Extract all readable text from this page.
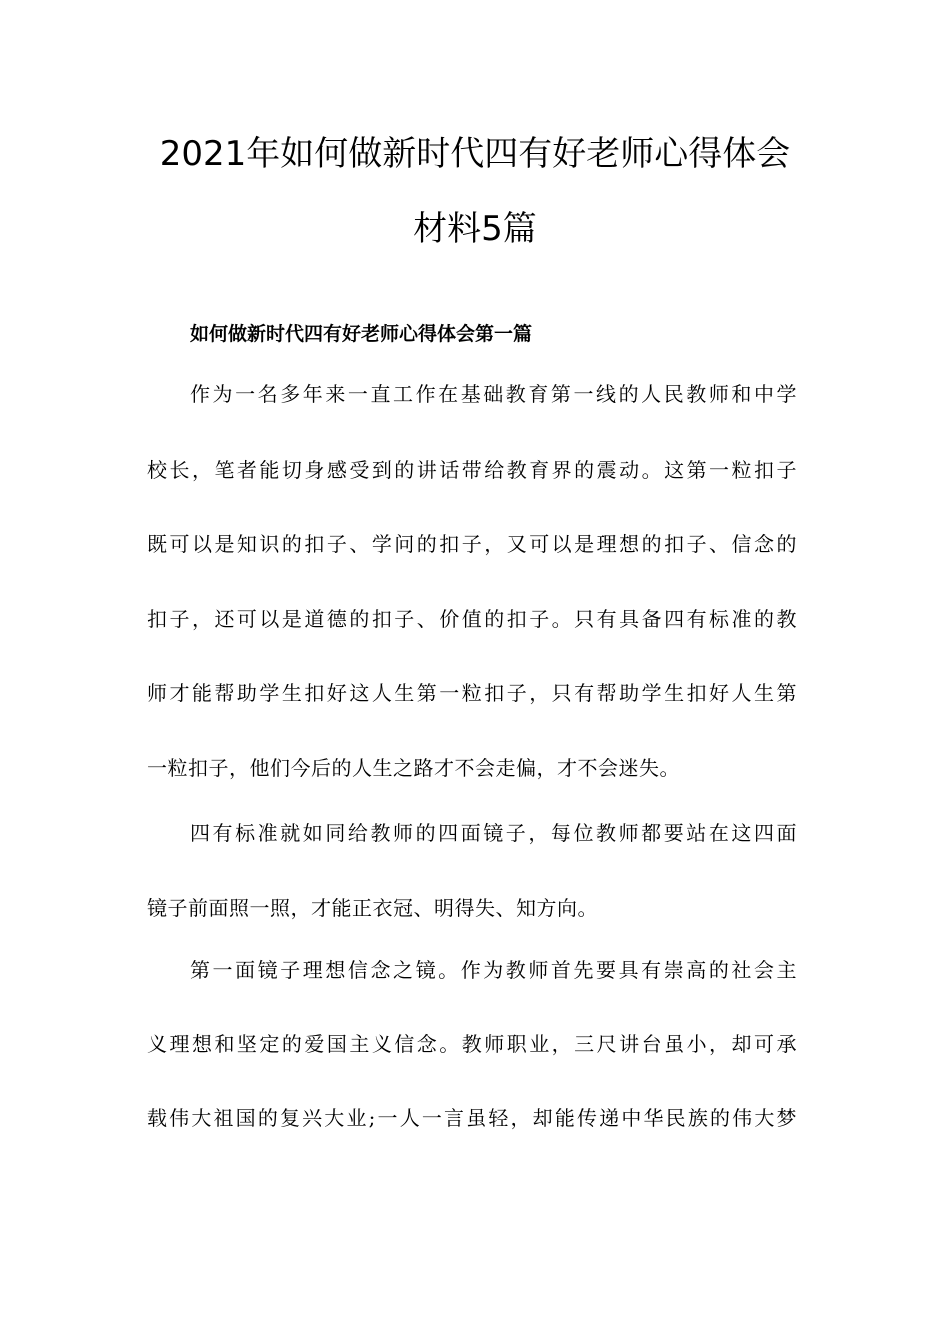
2021年如何做新时代四有好老师心得体会
材料5篇
如何做新时代四有好老师心得体会第一篇
作为一名多年来一直工作在基础教育第一线的人民教师和中学
校长，笔者能切身感受到的讲话带给教育界的震动。这第一粒扣子
既可以是知识的扣子、学问的扣子，又可以是理想的扣子、信念的
扣子，还可以是道德的扣子、价值的扣子。只有具备四有标准的教
师才能帮助学生扣好这人生第一粒扣子，只有帮助学生扣好人生第
一粒扣子，他们今后的人生之路才不会走偏，才不会迷失。
四有标准就如同给教师的四面镜子，每位教师都要站在这四面
镜子前面照一照，才能正衣冠、明得失、知方向。
第一面镜子理想信念之镜。作为教师首先要具有崇高的社会主
义理想和坚定的爱国主义信念。教师职业，三尺讲台虽小，却可承
载伟大祖国的复兴大业;一人一言虽轻，却能传递中华民族的伟大梦
